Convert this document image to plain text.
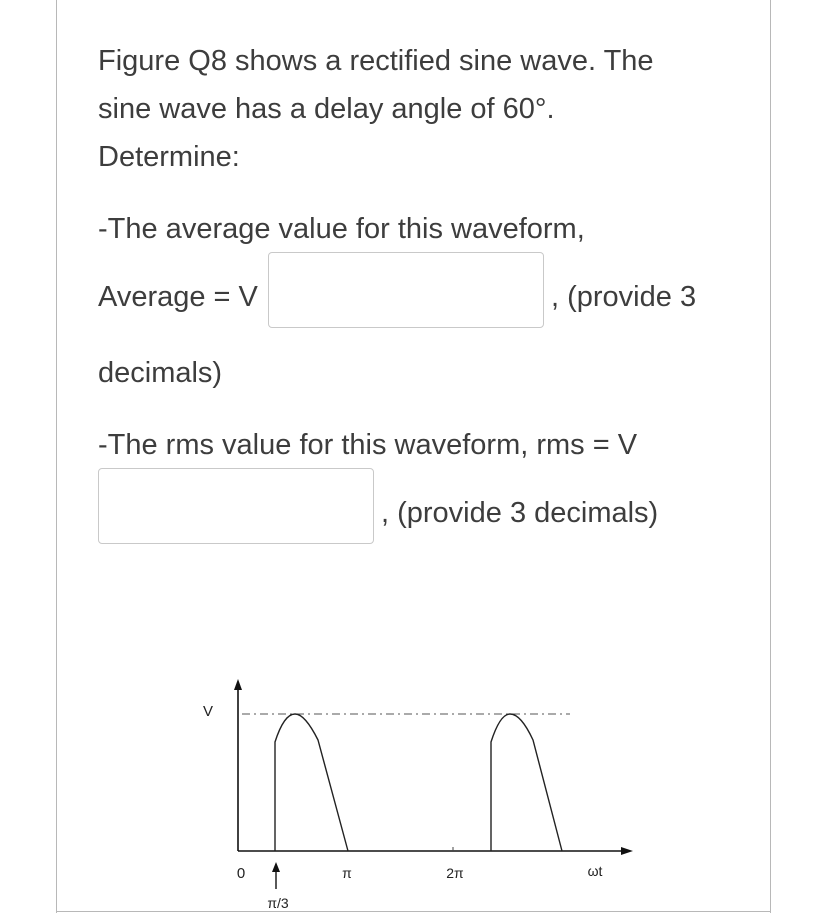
Figure Q8 shows a rectified sine wave. The
sine wave has a delay angle of 60°.
Determine:
-The average value for this waveform,
Average = V	, (provide 3
decimals)
-The rms value for this waveform, rms = V
, (provide 3 decimals)
V
0
π/3
π	2π	ωt
